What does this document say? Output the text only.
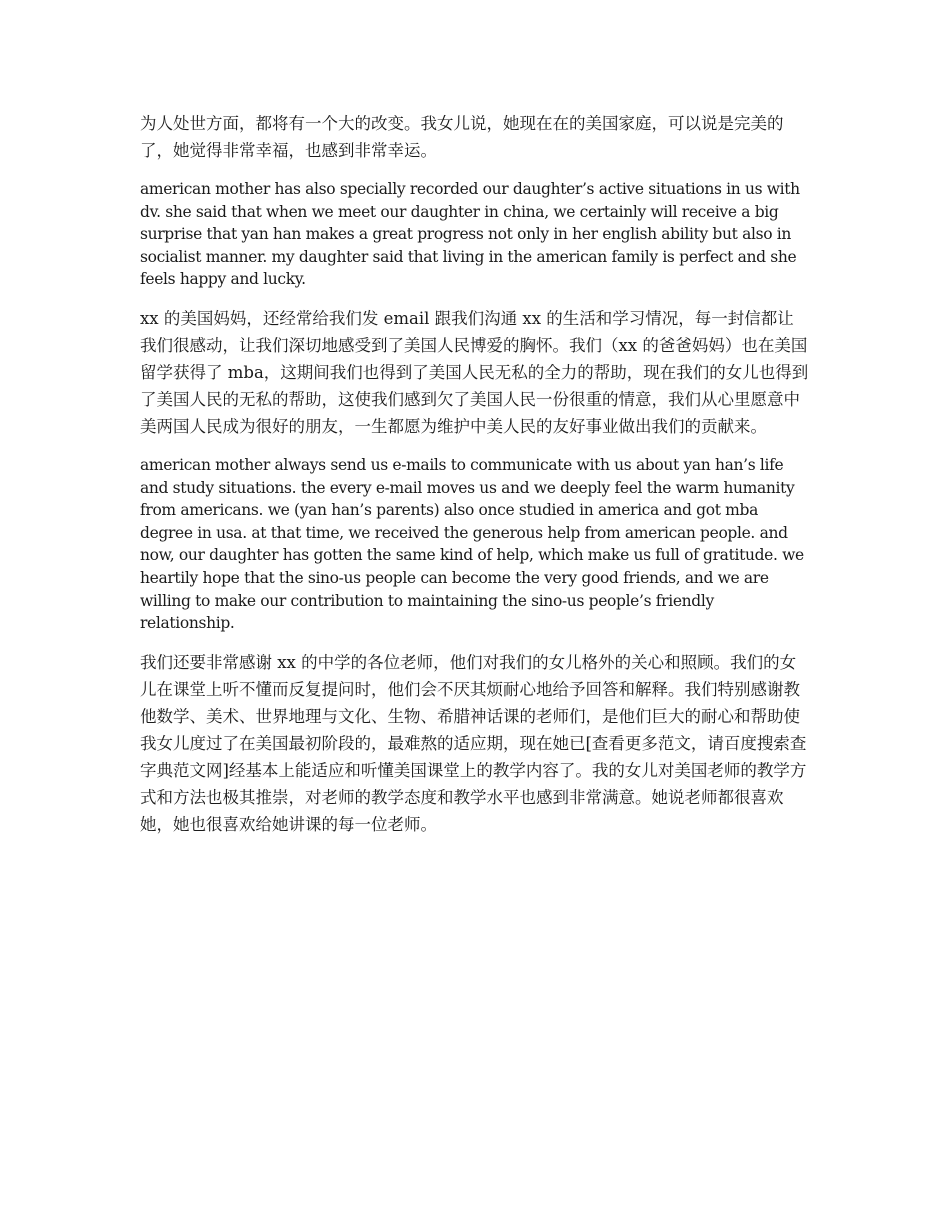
为人处世方面，都将有一个大的改变。我女儿说，她现在在的美国家庭，可以说是完美的了，她觉得非常幸福，也感到非常幸运。

american mother has also specially recorded our daughter’s active situations in us with dv. she said that when we meet our daughter in china, we certainly will receive a big surprise that yan han makes a great progress not only in her english ability but also in socialist manner. my daughter said that living in the american family is perfect and she feels happy and lucky.

xx 的美国妈妈，还经常给我们发 email 跟我们沟通 xx 的生活和学习情况，每一封信都让我们很感动，让我们深切地感受到了美国人民博爱的胸怀。我们（xx 的爸爸妈妈）也在美国留学获得了 mba，这期间我们也得到了美国人民无私的全力的帮助，现在我们的女儿也得到了美国人民的无私的帮助，这使我们感到欠了美国人民一份很重的情意，我们从心里愿意中美两国人民成为很好的朋友，一生都愿为维护中美人民的友好事业做出我们的贡献来。

american mother always send us e-mails to communicate with us about yan han’s life and study situations. the every e-mail moves us and we deeply feel the warm humanity from americans. we (yan han’s parents) also once studied in america and got mba degree in usa. at that time, we received the generous help from american people. and now, our daughter has gotten the same kind of help, which make us full of gratitude. we heartily hope that the sino-us people can become the very good friends, and we are willing to make our contribution to maintaining the sino-us people’s friendly relationship.

我们还要非常感谢 xx 的中学的各位老师，他们对我们的女儿格外的关心和照顾。我们的女儿在课堂上听不懂而反复提问时，他们会不厌其烦耐心地给予回答和解释。我们特别感谢教他数学、美术、世界地理与文化、生物、希腊神话课的老师们，是他们巨大的耐心和帮助使我女儿度过了在美国最初阶段的，最难熬的适应期，现在她已[查看更多范文，请百度搜索查字典范文网]经基本上能适应和听懂美国课堂上的教学内容了。我的女儿对美国老师的教学方式和方法也极其推崇，对老师的教学态度和教学水平也感到非常满意。她说老师都很喜欢她，她也很喜欢给她讲课的每一位老师。
